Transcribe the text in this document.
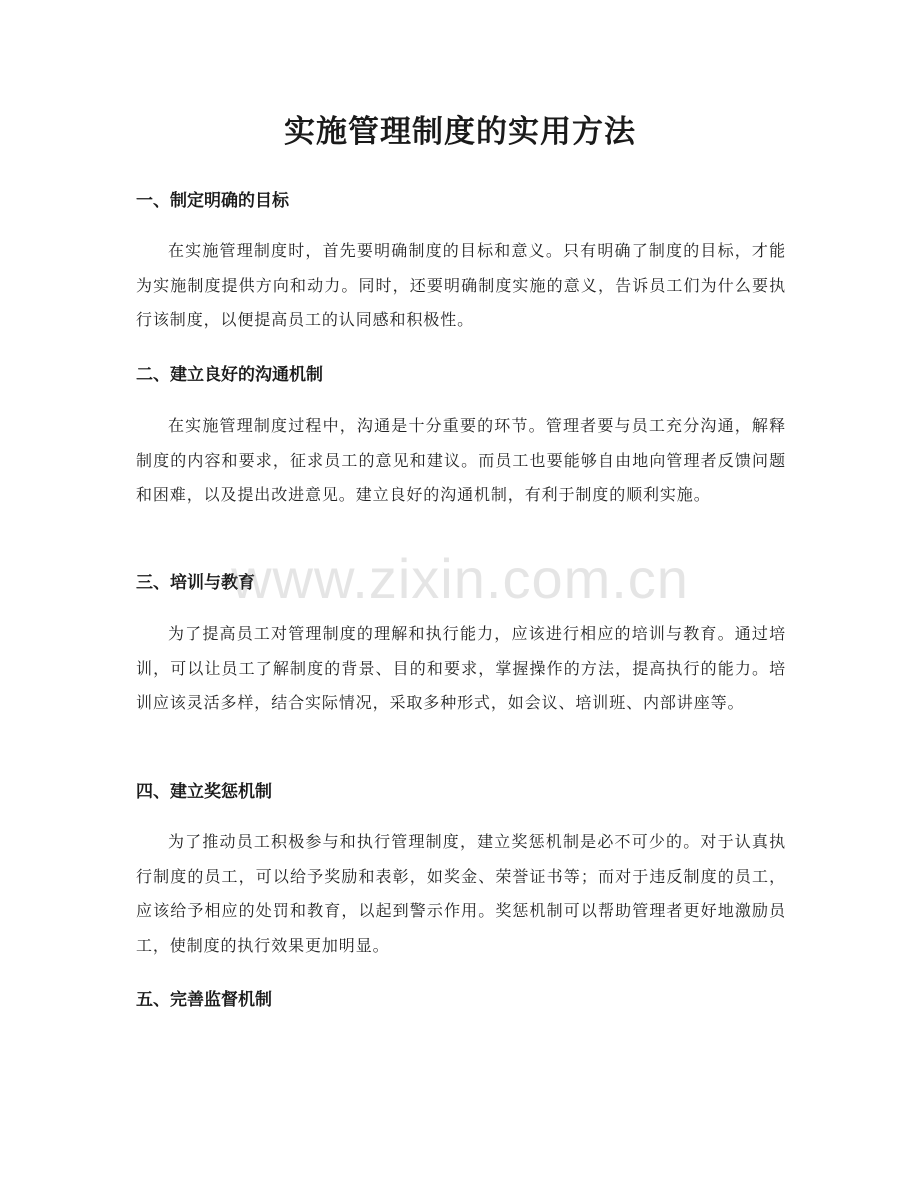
实施管理制度的实用方法
一、制定明确的目标

在实施管理制度时，首先要明确制度的目标和意义。只有明确了制度的目标，才能为实施制度提供方向和动力。同时，还要明确制度实施的意义，告诉员工们为什么要执行该制度，以便提高员工的认同感和积极性。

二、建立良好的沟通机制

在实施管理制度过程中，沟通是十分重要的环节。管理者要与员工充分沟通，解释制度的内容和要求，征求员工的意见和建议。而员工也要能够自由地向管理者反馈问题和困难，以及提出改进意见。建立良好的沟通机制，有利于制度的顺利实施。

三、培训与教育

为了提高员工对管理制度的理解和执行能力，应该进行相应的培训与教育。通过培训，可以让员工了解制度的背景、目的和要求，掌握操作的方法，提高执行的能力。培训应该灵活多样，结合实际情况，采取多种形式，如会议、培训班、内部讲座等。

四、建立奖惩机制

为了推动员工积极参与和执行管理制度，建立奖惩机制是必不可少的。对于认真执行制度的员工，可以给予奖励和表彰，如奖金、荣誉证书等；而对于违反制度的员工，应该给予相应的处罚和教育，以起到警示作用。奖惩机制可以帮助管理者更好地激励员工，使制度的执行效果更加明显。

五、完善监督机制
www.zixin.com.cn
